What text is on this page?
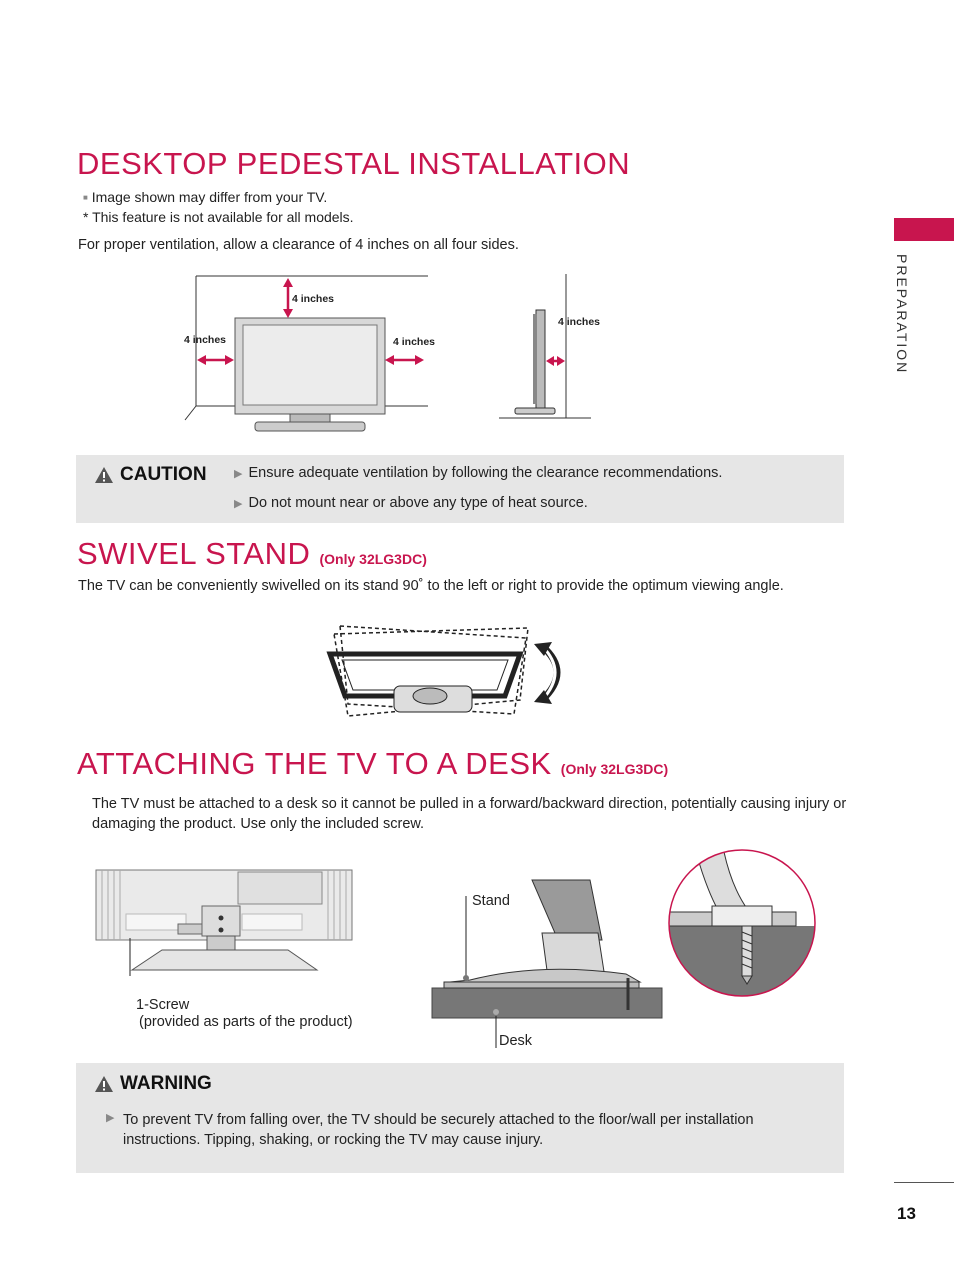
PREPARATION
DESKTOP PEDESTAL INSTALLATION
■ Image shown may differ from your TV.
* This feature is not available for all models.
For proper ventilation, allow a clearance of 4 inches on all four sides.
4 inches
4 inches	4 inches
4 inches
CAUTION ▶ Ensure adequate ventilation by following the clearance recommendations.
▶ Do not mount near or above any type of heat source.
SWIVEL STAND (Only 32LG3DC)
The TV can be conveniently swivelled on its stand 90˚ to the left or right to provide the optimum viewing angle.
ATTACHING THE TV TO A DESK (Only 32LG3DC)
The TV must be attached to a desk so it cannot be pulled in a forward/backward direction, potentially causing injury or damaging the product. Use only the included screw.
1-Screw
(provided as parts of the product)
Stand
Desk
WARNING
▶ To prevent TV from falling over, the TV should be securely attached to the floor/wall per installation instructions. Tipping, shaking, or rocking the TV may cause injury.
13
